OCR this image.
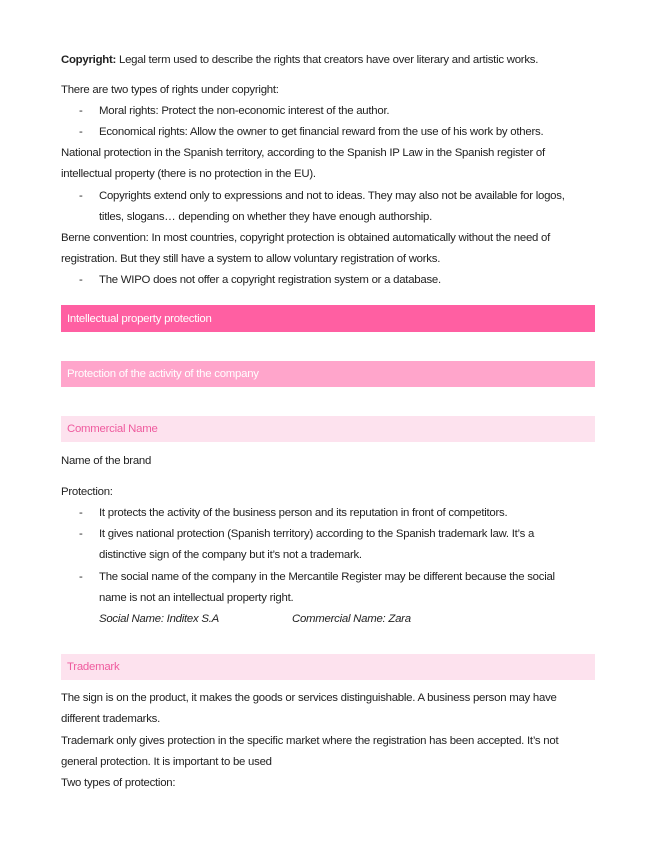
Copyright: Legal term used to describe the rights that creators have over literary and artistic works.
There are two types of rights under copyright:
- Moral rights: Protect the non-economic interest of the author.
- Economical rights: Allow the owner to get financial reward from the use of his work by others.
National protection in the Spanish territory, according to the Spanish IP Law in the Spanish register of
intellectual property (there is no protection in the EU).
- Copyrights extend only to expressions and not to ideas. They may also not be available for logos,
titles, slogans… depending on whether they have enough authorship.
Berne convention: In most countries, copyright protection is obtained automatically without the need of
registration. But they still have a system to allow voluntary registration of works.
- The WIPO does not offer a copyright registration system or a database.
Intellectual property protection
Protection of the activity of the company
Commercial Name
Name of the brand
Protection:
- It protects the activity of the business person and its reputation in front of competitors.
- It gives national protection (Spanish territory) according to the Spanish trademark law. It’s a
distinctive sign of the company but it’s not a trademark.
- The social name of the company in the Mercantile Register may be different because the social
name is not an intellectual property right.
Social Name: Inditex S.A	Commercial Name: Zara
Trademark
The sign is on the product, it makes the goods or services distinguishable. A business person may have
different trademarks.
Trademark only gives protection in the specific market where the registration has been accepted. It’s not
general protection. It is important to be used
Two types of protection:
